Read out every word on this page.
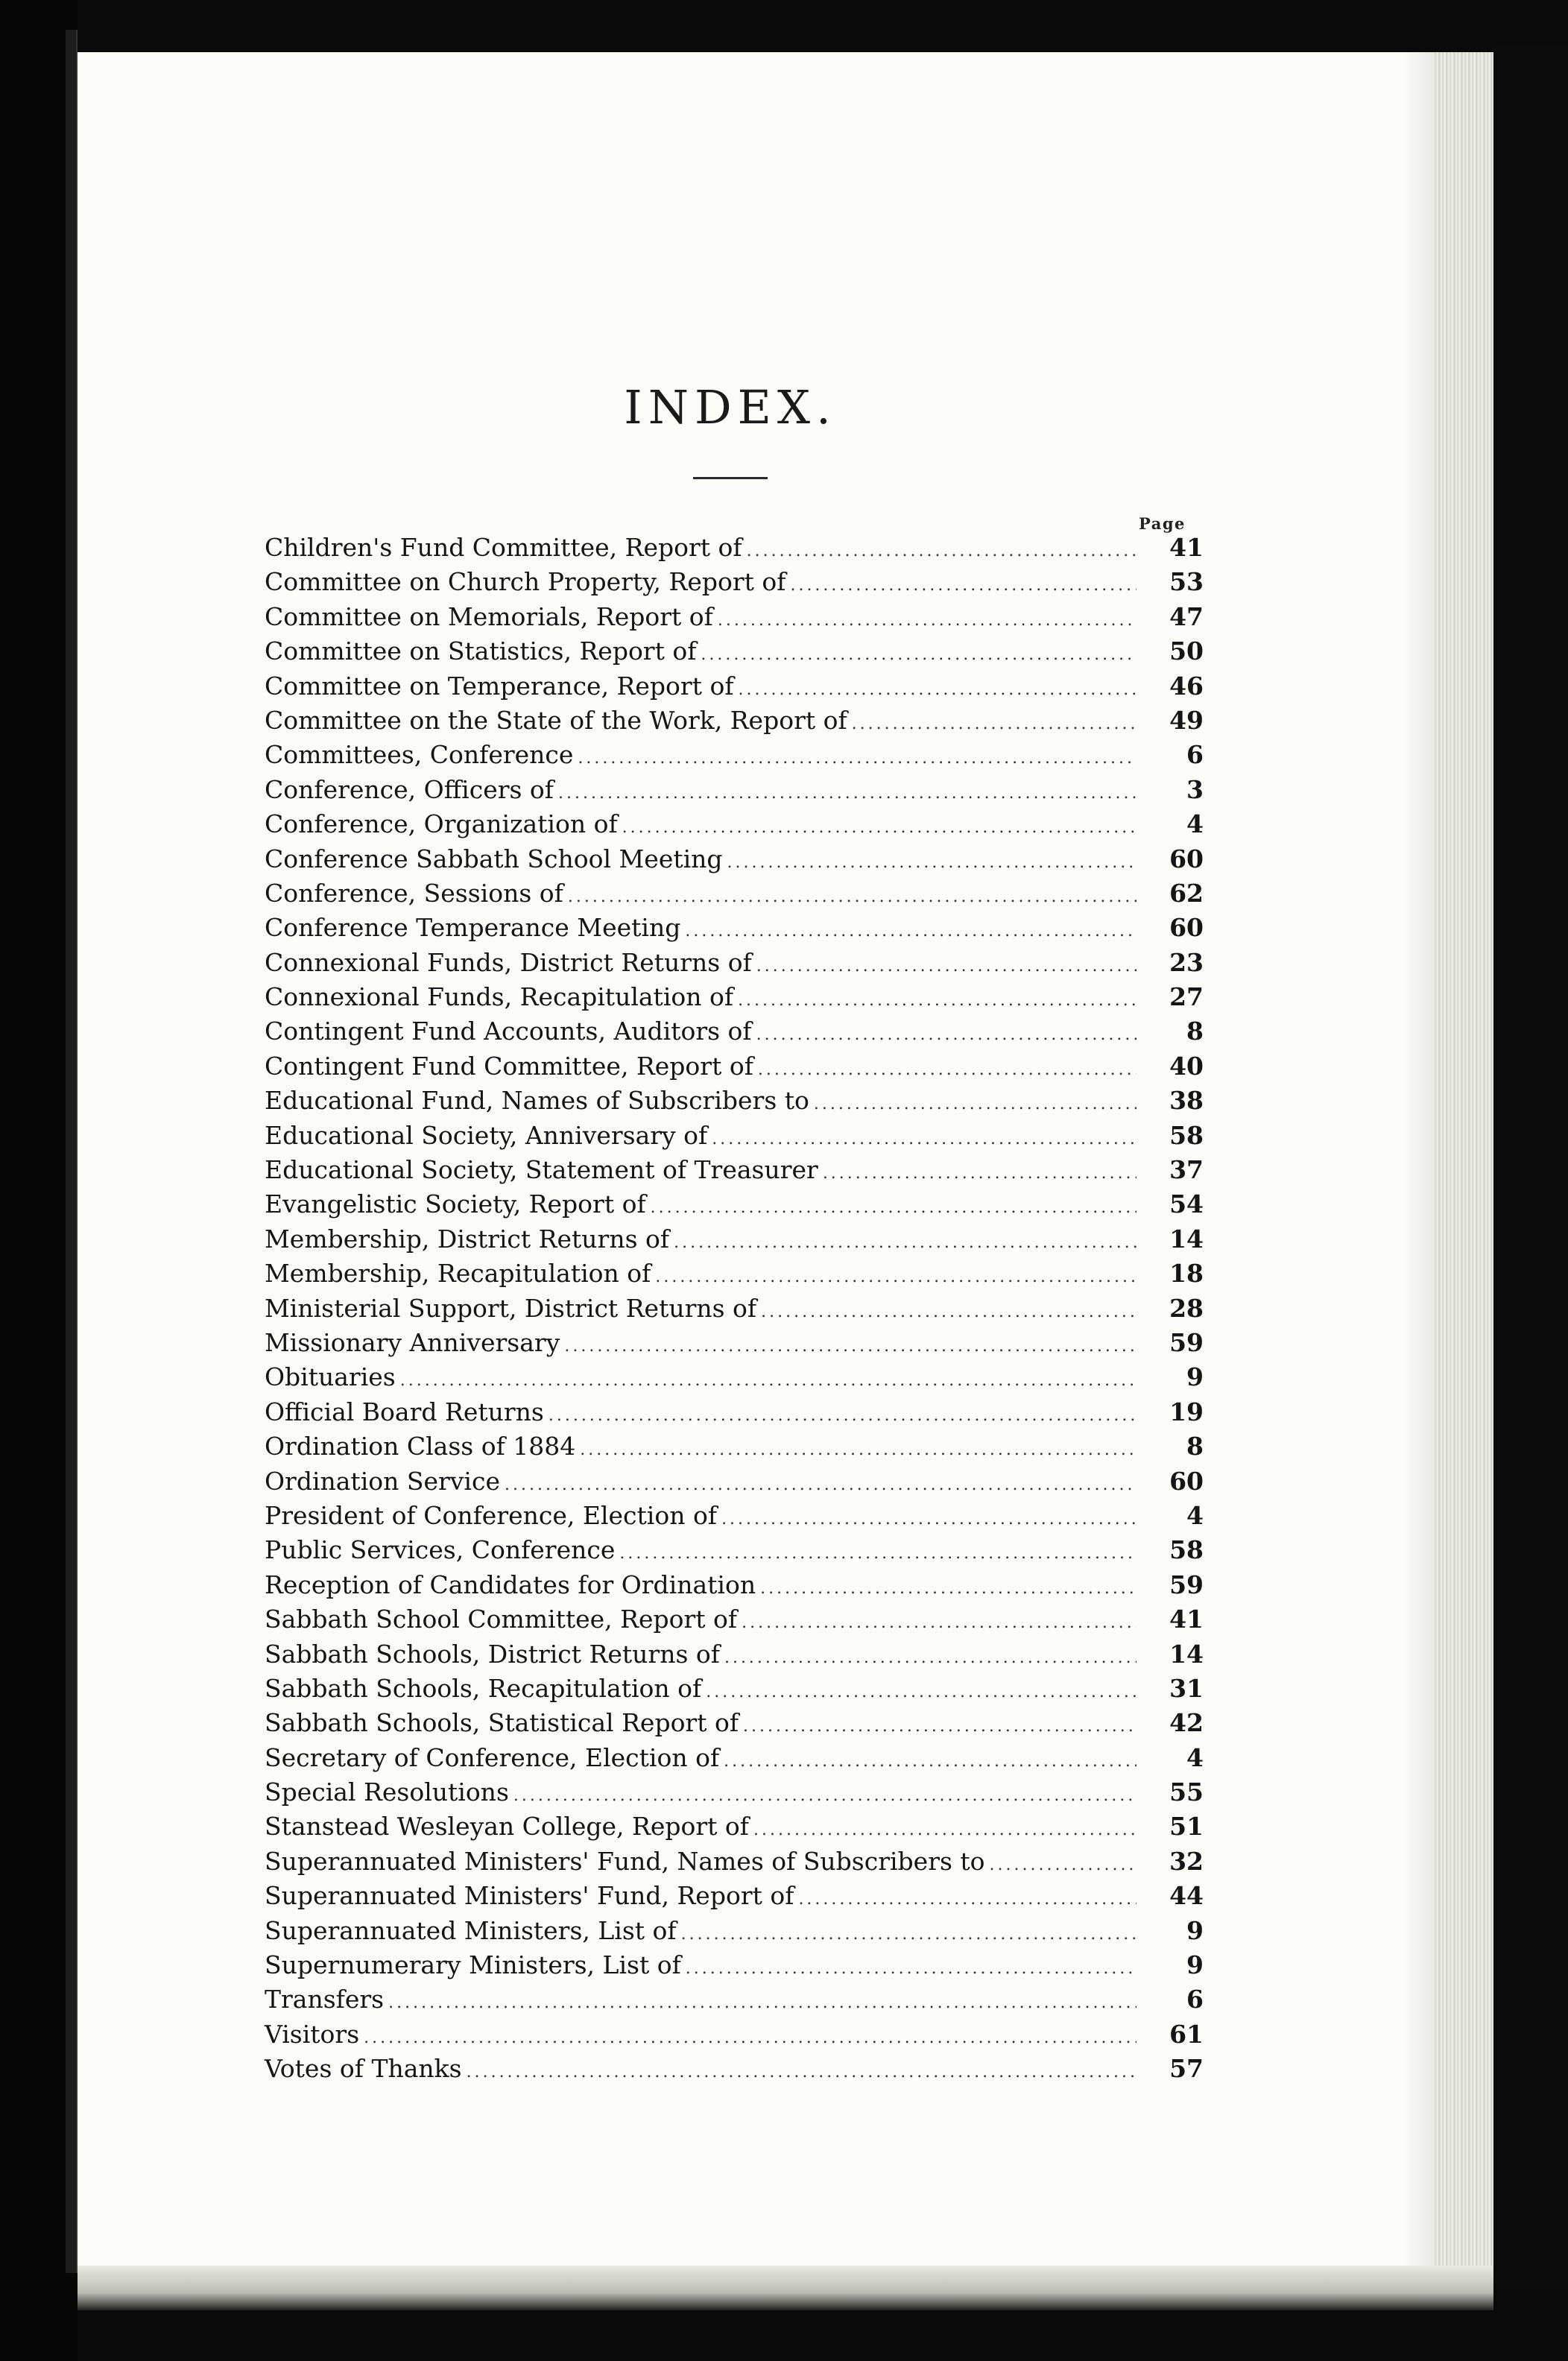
INDEX.
Page
Children's Fund Committee, Report of .....	41
Committee on Church Property, Report of .....	53
Committee on Memorials, Report of .....	47
Committee on Statistics, Report of .....	50
Committee on Temperance, Report of .....	46
Committee on the State of the Work, Report of .....	49
Committees, Conference .....	6
Conference, Officers of .....	3
Conference, Organization of .....	4
Conference Sabbath School Meeting .....	60
Conference, Sessions of .....	62
Conference Temperance Meeting .....	60
Connexional Funds, District Returns of .....	23
Connexional Funds, Recapitulation of .....	27
Contingent Fund Accounts, Auditors of .....	8
Contingent Fund Committee, Report of .....	40
Educational Fund, Names of Subscribers to .....	38
Educational Society, Anniversary of .....	58
Educational Society, Statement of Treasurer .....	37
Evangelistic Society, Report of .....	54
Membership, District Returns of .....	14
Membership, Recapitulation of .....	18
Ministerial Support, District Returns of .....	28
Missionary Anniversary .....	59
Obituaries .....	9
Official Board Returns .....	19
Ordination Class of 1884 .....	8
Ordination Service .....	60
President of Conference, Election of .....	4
Public Services, Conference .....	58
Reception of Candidates for Ordination .....	59
Sabbath School Committee, Report of .....	41
Sabbath Schools, District Returns of .....	14
Sabbath Schools, Recapitulation of .....	31
Sabbath Schools, Statistical Report of .....	42
Secretary of Conference, Election of .....	4
Special Resolutions .....	55
Stanstead Wesleyan College, Report of .....	51
Superannuated Ministers' Fund, Names of Subscribers to .....	32
Superannuated Ministers' Fund, Report of .....	44
Superannuated Ministers, List of .....	9
Supernumerary Ministers, List of .....	9
Transfers .....	6
Visitors .....	61
Votes of Thanks .....	57
